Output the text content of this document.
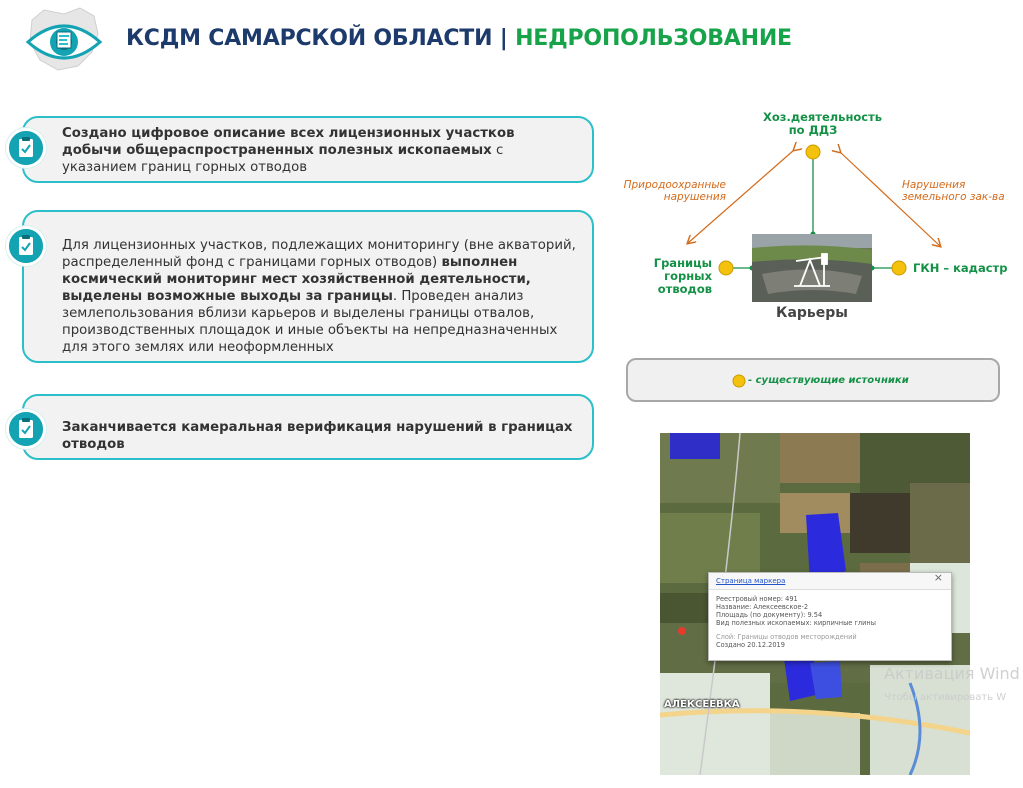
КСДМ САМАРСКОЙ ОБЛАСТИ | НЕДРОПОЛЬЗОВАНИЕ
Создано цифровое описание всех лицензионных участков добычи общераспространенных полезных ископаемых с указанием границ горных отводов
Для лицензионных участков, подлежащих мониторингу (вне акваторий, распределенный фонд с границами горных отводов) выполнен космический мониторинг мест хозяйственной деятельности, выделены возможные выходы за границы. Проведен анализ землепользования вблизи карьеров и выделены границы отвалов, производственных площадок и иные объекты на непредназначенных для этого землях или неоформленных
Заканчивается камеральная верификация нарушений в границах отводов
Хоз.деятельность по ДДЗ
Границы горных отводов
ГКН – кадастр
Карьеры
Природоохранные нарушения
Нарушения земельного зак-ва
- существующие источники
АЛЕКСЕЕВКА
Страница маркера	×
Реестровый номер: 491
Название: Алексеевское-2
Площадь (по документу): 9.54
Вид полезных ископаемых: кирпичные глины
Слой: Границы отводов месторождений
Создано 20.12.2019
Активация Wind
Чтобы активировать W
